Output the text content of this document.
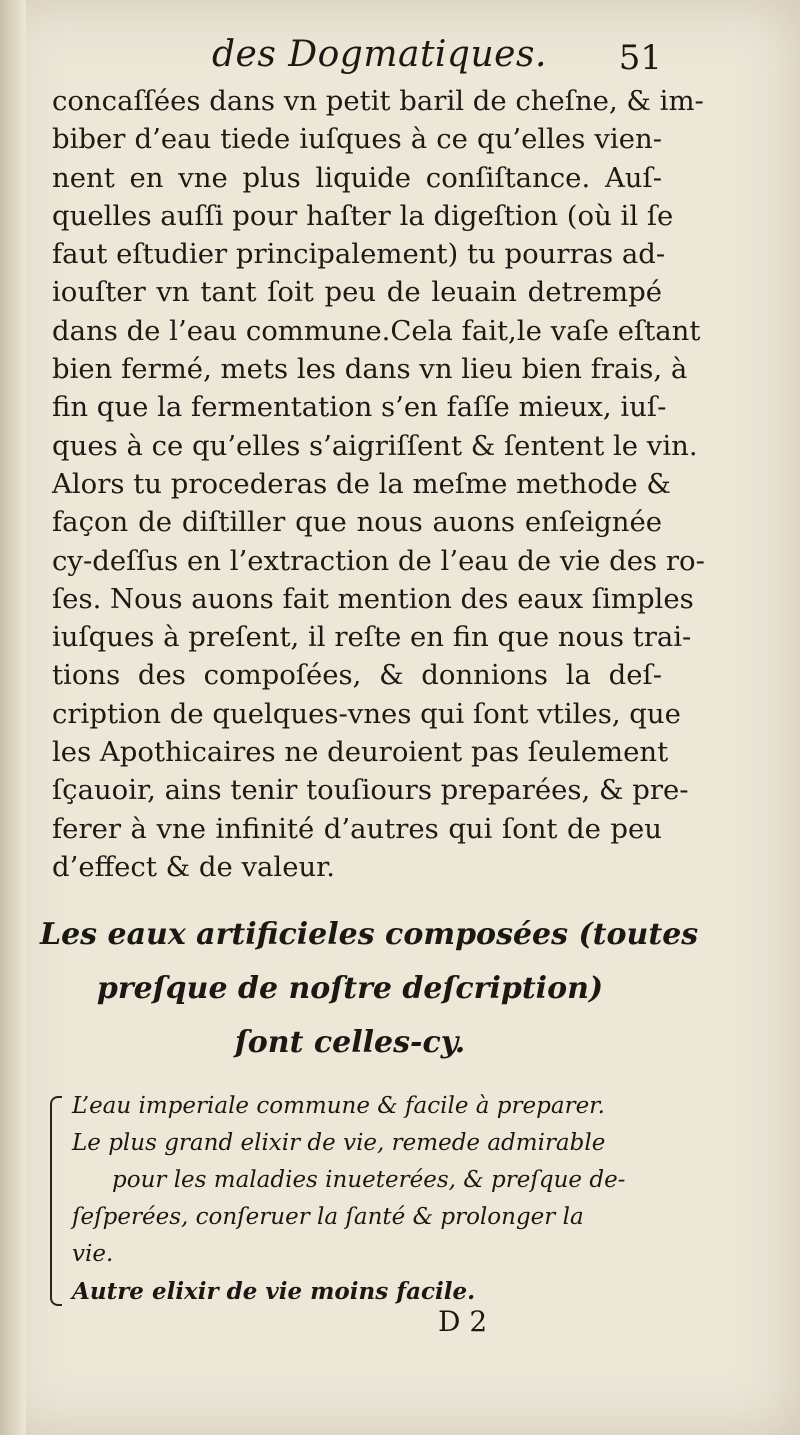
des Dogmatiques. 51

concaſſées dans vn petit baril de cheſne, & im-
biber d’eau tiede iuſques à ce qu’elles vien-
nent en vne plus liquide conſiſtance. Auſ-
quelles auſſi pour haſter la digeſtion (où il ſe
faut eſtudier principalement) tu pourras ad-
iouſter vn tant ſoit peu de leuain detrempé
dans de l’eau commune.Cela fait,le vaſe eſtant
bien fermé, mets les dans vn lieu bien frais, à
fin que la fermentation s’en faſſe mieux, iuſ-
ques à ce qu’elles s’aigriſſent & ſentent le vin.
Alors tu procederas de la meſme methode &
façon de diſtiller que nous auons enſeignée
cy-deſſus en l’extraction de l’eau de vie des ro-
ſes. Nous auons fait mention des eaux ſimples
iuſques à preſent, il reſte en fin que nous trai-
tions des compoſées, & donnions la deſ-
cription de quelques-vnes qui ſont vtiles, que
les Apothicaires ne deuroient pas ſeulement
ſçauoir, ains tenir touſiours preparées, & pre-
ferer à vne infinité d’autres qui ſont de peu
d’effect & de valeur.

Les eaux artificieles composées (toutes
preſque de noſtre deſcription)
ſont celles-cy.
L’eau imperiale commune & facile à preparer.
Le plus grand elixir de vie, remede admirable
pour les maladies inueterées, & preſque de-
ſeſperées, conſeruer la ſanté & prolonger la
vie.
Autre elixir de vie moins facile.
D 2
